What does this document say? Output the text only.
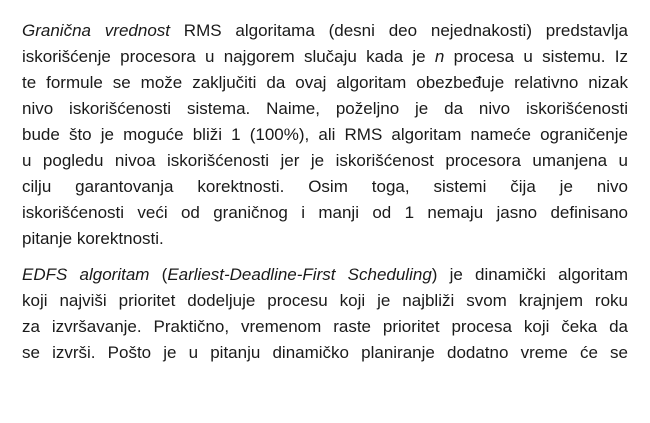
Granična vrednost RMS algoritama (desni deo nejednakosti) predstavlja
iskorišćenje procesora u najgorem slučaju kada je n procesa u sistemu. Iz
te formule se može zaključiti da ovaj algoritam obezbeđuje relativno nizak
nivo iskorišćenosti sistema. Naime, poželjno je da nivo iskorišćenosti
bude što je moguće bliži 1 (100%), ali RMS algoritam nameće ograničenje
u pogledu nivoa iskorišćenosti jer je iskorišćenost procesora umanjena u
cilju garantovanja korektnosti. Osim toga, sistemi čija je nivo
iskorišćenosti veći od graničnog i manji od 1 nemaju jasno definisano
pitanje korektnosti.
EDFS algoritam (Earliest-Deadline-First Scheduling) je dinamički algoritam
koji najviši prioritet dodeljuje procesu koji je najbliži svom krajnjem roku
za izvršavanje. Praktično, vremenom raste prioritet procesa koji čeka da
se izvrši. Pošto je u pitanju dinamičko planiranje dodatno vreme će se
